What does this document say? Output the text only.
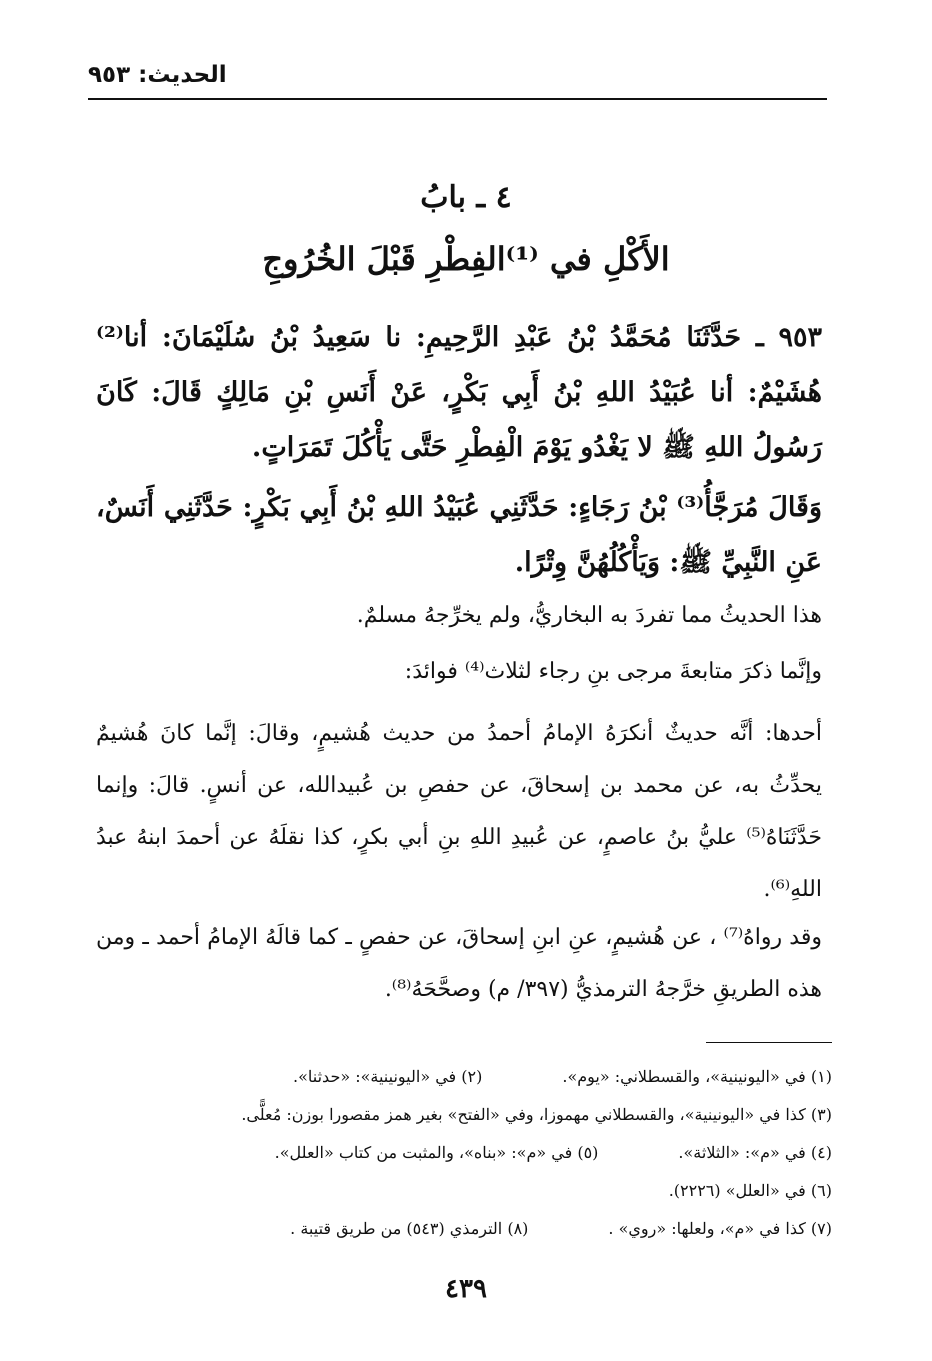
الحديث: ٩٥٣
٤ ـ بابُ
الأَكْلِ في ⁽¹⁾الفِطْرِ قَبْلَ الخُرُوجِ
٩٥٣ ـ حَدَّثَنَا مُحَمَّدُ بْنُ عَبْدِ الرَّحِيمِ: نا سَعِيدُ بْنُ سُلَيْمَانَ: أنا⁽²⁾ هُشَيْمٌ: أنا عُبَيْدُ اللهِ بْنُ أَبِي بَكْرٍ، عَنْ أَنَسِ بْنِ مَالِكٍ قَالَ: كَانَ رَسُولُ اللهِ ﷺ لا يَغْدُو يَوْمَ الْفِطْرِ حَتَّى يَأْكُلَ تَمَرَاتٍ.
وَقَالَ مُرَجَّأُ⁽³⁾ بْنُ رَجَاءٍ: حَدَّثَنِي عُبَيْدُ اللهِ بْنُ أَبِي بَكْرٍ: حَدَّثَنِي أَنَسٌ، عَنِ النَّبِيِّ ﷺ: وَيَأْكُلُهُنَّ وِتْرًا.
هذا الحديثُ مما تفردَ به البخاريُّ، ولم يخرِّجهُ مسلمٌ.
وإنَّما ذكرَ متابعةَ مرجى بنِ رجاء لثلاث⁽⁴⁾ فوائدَ:
أحدها: أنَّه حديثٌ أنكرَهُ الإمامُ أحمدُ من حديث هُشيمٍ، وقالَ: إنَّما كانَ هُشيمٌ يحدِّثُ به، عن محمد بن إسحاقَ، عن حفصِ بن عُبيدالله، عن أنسٍ. قالَ: وإنما حَدَّثَنَاهُ⁽⁵⁾ عليُّ بنُ عاصمٍ، عن عُبيدِ اللهِ بنِ أبي بكرٍ، كذا نقلَهُ عن أحمدَ ابنهُ عبدُ اللهِ⁽⁶⁾.
وقد رواهُ⁽⁷⁾ ، عن هُشيمٍ، عنِ ابنِ إسحاقَ، عن حفصٍ ـ كما قالَهُ الإمامُ أحمد ـ ومن هذه الطريقِ خرَّجهُ الترمذيُّ (٣٩٧/ م) وصحَّحَهُ⁽⁸⁾.
(١) في «اليونينية»، والقسطلاني: «يوم».
(٢) في «اليونينية»: «حدثنا».
(٣) كذا في «اليونينية»، والقسطلاني مهموزا، وفي «الفتح» بغير همز مقصورا بوزن: مُعلًّى.
(٤) في «م»: «الثلاثة».
(٥) في «م»: «بناه»، والمثبت من كتاب «العلل».
(٦) في «العلل» (٢٢٢٦).
(٧) كذا في «م»، ولعلها: «روي» .
(٨) الترمذي (٥٤٣) من طريق قتيبة .
٤٣٩
